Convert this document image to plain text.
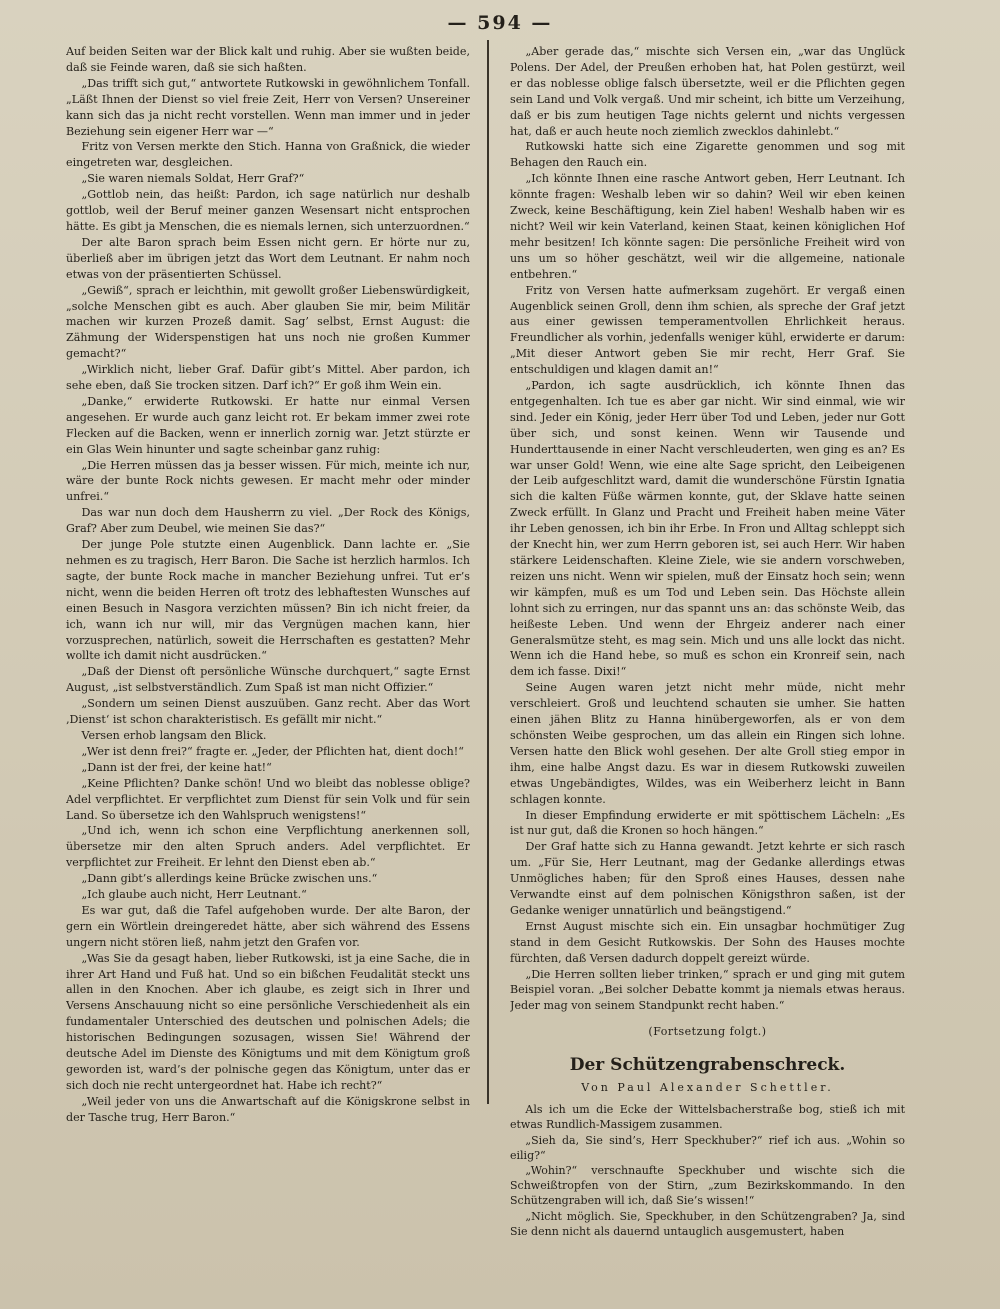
— 594 —

Auf beiden Seiten war der Blick kalt und ruhig. Aber sie wußten beide, daß sie Feinde waren, daß sie sich haßten.

„Das trifft sich gut,“ antwortete Rutkowski in gewöhnlichem Tonfall. „Läßt Ihnen der Dienst so viel freie Zeit, Herr von Versen? Unsereiner kann sich das ja nicht recht vorstellen. Wenn man immer und in jeder Beziehung sein eigener Herr war —“

Fritz von Versen merkte den Stich. Hanna von Graßnick, die wieder eingetreten war, desgleichen.

„Sie waren niemals Soldat, Herr Graf?“

„Gottlob nein, das heißt: Pardon, ich sage natürlich nur deshalb gottlob, weil der Beruf meiner ganzen Wesensart nicht entsprochen hätte. Es gibt ja Menschen, die es niemals lernen, sich unterzuordnen.“

Der alte Baron sprach beim Essen nicht gern. Er hörte nur zu, überließ aber im übrigen jetzt das Wort dem Leutnant. Er nahm noch etwas von der präsentierten Schüssel.

„Gewiß“, sprach er leichthin, mit gewollt großer Liebenswürdigkeit, „solche Menschen gibt es auch. Aber glauben Sie mir, beim Militär machen wir kurzen Prozeß damit. Sag’ selbst, Ernst August: die Zähmung der Widerspenstigen hat uns noch nie großen Kummer gemacht?“

„Wirklich nicht, lieber Graf. Dafür gibt’s Mittel. Aber pardon, ich sehe eben, daß Sie trocken sitzen. Darf ich?“ Er goß ihm Wein ein.

„Danke,“ erwiderte Rutkowski. Er hatte nur einmal Versen angesehen. Er wurde auch ganz leicht rot. Er bekam immer zwei rote Flecken auf die Backen, wenn er innerlich zornig war. Jetzt stürzte er ein Glas Wein hinunter und sagte scheinbar ganz ruhig:

„Die Herren müssen das ja besser wissen. Für mich, meinte ich nur, wäre der bunte Rock nichts gewesen. Er macht mehr oder minder unfrei.“

Das war nun doch dem Hausherrn zu viel. „Der Rock des Königs, Graf? Aber zum Deubel, wie meinen Sie das?“

Der junge Pole stutzte einen Augenblick. Dann lachte er. „Sie nehmen es zu tragisch, Herr Baron. Die Sache ist herzlich harmlos. Ich sagte, der bunte Rock mache in mancher Beziehung unfrei. Tut er’s nicht, wenn die beiden Herren oft trotz des lebhaftesten Wunsches auf einen Besuch in Nasgora verzichten müssen? Bin ich nicht freier, da ich, wann ich nur will, mir das Vergnügen machen kann, hier vorzusprechen, natürlich, soweit die Herrschaften es gestatten? Mehr wollte ich damit nicht ausdrücken.“

„Daß der Dienst oft persönliche Wünsche durchquert,“ sagte Ernst August, „ist selbstverständlich. Zum Spaß ist man nicht Offizier.“

„Sondern um seinen Dienst auszuüben. Ganz recht. Aber das Wort ‚Dienst‘ ist schon charakteristisch. Es gefällt mir nicht.“

Versen erhob langsam den Blick.

„Wer ist denn frei?“ fragte er. „Jeder, der Pflichten hat, dient doch!“

„Dann ist der frei, der keine hat!“

„Keine Pflichten? Danke schön! Und wo bleibt das noblesse oblige? Adel verpflichtet. Er verpflichtet zum Dienst für sein Volk und für sein Land. So übersetze ich den Wahlspruch wenigstens!“

„Und ich, wenn ich schon eine Verpflichtung anerkennen soll, übersetze mir den alten Spruch anders. Adel verpflichtet. Er verpflichtet zur Freiheit. Er lehnt den Dienst eben ab.“

„Dann gibt’s allerdings keine Brücke zwischen uns.“

„Ich glaube auch nicht, Herr Leutnant.“

Es war gut, daß die Tafel aufgehoben wurde. Der alte Baron, der gern ein Wörtlein dreingeredet hätte, aber sich während des Essens ungern nicht stören ließ, nahm jetzt den Grafen vor.

„Was Sie da gesagt haben, lieber Rutkowski, ist ja eine Sache, die in ihrer Art Hand und Fuß hat. Und so ein bißchen Feudalität steckt uns allen in den Knochen. Aber ich glaube, es zeigt sich in Ihrer und Versens Anschauung nicht so eine persönliche Verschiedenheit als ein fundamentaler Unterschied des deutschen und polnischen Adels; die historischen Bedingungen sozusagen, wissen Sie! Während der deutsche Adel im Dienste des Königtums und mit dem Königtum groß geworden ist, ward’s der polnische gegen das Königtum, unter das er sich doch nie recht untergeordnet hat. Habe ich recht?“

„Weil jeder von uns die Anwartschaft auf die Königskrone selbst in der Tasche trug, Herr Baron.“

„Aber gerade das,“ mischte sich Versen ein, „war das Unglück Polens. Der Adel, der Preußen erhoben hat, hat Polen gestürzt, weil er das noblesse oblige falsch übersetzte, weil er die Pflichten gegen sein Land und Volk vergaß. Und mir scheint, ich bitte um Verzeihung, daß er bis zum heutigen Tage nichts gelernt und nichts vergessen hat, daß er auch heute noch ziemlich zwecklos dahinlebt.“

Rutkowski hatte sich eine Zigarette genommen und sog mit Behagen den Rauch ein.

„Ich könnte Ihnen eine rasche Antwort geben, Herr Leutnant. Ich könnte fragen: Weshalb leben wir so dahin? Weil wir eben keinen Zweck, keine Beschäftigung, kein Ziel haben! Weshalb haben wir es nicht? Weil wir kein Vaterland, keinen Staat, keinen königlichen Hof mehr besitzen! Ich könnte sagen: Die persönliche Freiheit wird von uns um so höher geschätzt, weil wir die allgemeine, nationale entbehren.“

Fritz von Versen hatte aufmerksam zugehört. Er vergaß einen Augenblick seinen Groll, denn ihm schien, als spreche der Graf jetzt aus einer gewissen temperamentvollen Ehrlichkeit heraus. Freundlicher als vorhin, jedenfalls weniger kühl, erwiderte er darum: „Mit dieser Antwort geben Sie mir recht, Herr Graf. Sie entschuldigen und klagen damit an!“

„Pardon, ich sagte ausdrücklich, ich könnte Ihnen das entgegenhalten. Ich tue es aber gar nicht. Wir sind einmal, wie wir sind. Jeder ein König, jeder Herr über Tod und Leben, jeder nur Gott über sich, und sonst keinen. Wenn wir Tausende und Hunderttausende in einer Nacht verschleuderten, wen ging es an? Es war unser Gold! Wenn, wie eine alte Sage spricht, den Leibeigenen der Leib aufgeschlitzt ward, damit die wunderschöne Fürstin Ignatia sich die kalten Füße wärmen konnte, gut, der Sklave hatte seinen Zweck erfüllt. In Glanz und Pracht und Freiheit haben meine Väter ihr Leben genossen, ich bin ihr Erbe. In Fron und Alltag schleppt sich der Knecht hin, wer zum Herrn geboren ist, sei auch Herr. Wir haben stärkere Leidenschaften. Kleine Ziele, wie sie andern vorschweben, reizen uns nicht. Wenn wir spielen, muß der Einsatz hoch sein; wenn wir kämpfen, muß es um Tod und Leben sein. Das Höchste allein lohnt sich zu erringen, nur das spannt uns an: das schönste Weib, das heißeste Leben. Und wenn der Ehrgeiz anderer nach einer Generalsmütze steht, es mag sein. Mich und uns alle lockt das nicht. Wenn ich die Hand hebe, so muß es schon ein Kronreif sein, nach dem ich fasse. Dixi!“

Seine Augen waren jetzt nicht mehr müde, nicht mehr verschleiert. Groß und leuchtend schauten sie umher. Sie hatten einen jähen Blitz zu Hanna hinübergeworfen, als er von dem schönsten Weibe gesprochen, um das allein ein Ringen sich lohne. Versen hatte den Blick wohl gesehen. Der alte Groll stieg empor in ihm, eine halbe Angst dazu. Es war in diesem Rutkowski zuweilen etwas Ungebändigtes, Wildes, was ein Weiberherz leicht in Bann schlagen konnte.

In dieser Empfindung erwiderte er mit spöttischem Lächeln: „Es ist nur gut, daß die Kronen so hoch hängen.“

Der Graf hatte sich zu Hanna gewandt. Jetzt kehrte er sich rasch um. „Für Sie, Herr Leutnant, mag der Gedanke allerdings etwas Unmögliches haben; für den Sproß eines Hauses, dessen nahe Verwandte einst auf dem polnischen Königsthron saßen, ist der Gedanke weniger unnatürlich und beängstigend.“

Ernst August mischte sich ein. Ein unsagbar hochmütiger Zug stand in dem Gesicht Rutkowskis. Der Sohn des Hauses mochte fürchten, daß Versen dadurch doppelt gereizt würde.

„Die Herren sollten lieber trinken,“ sprach er und ging mit gutem Beispiel voran. „Bei solcher Debatte kommt ja niemals etwas heraus. Jeder mag von seinem Standpunkt recht haben.“

(Fortsetzung folgt.)
Der Schützengrabenschreck.
Von Paul Alexander Schettler.

Als ich um die Ecke der Wittelsbacherstraße bog, stieß ich mit etwas Rundlich-Massigem zusammen.

„Sieh da, Sie sind’s, Herr Speckhuber?“ rief ich aus. „Wohin so eilig?“

„Wohin?“ verschnaufte Speckhuber und wischte sich die Schweißtropfen von der Stirn, „zum Bezirkskommando. In den Schützengraben will ich, daß Sie’s wissen!“

„Nicht möglich. Sie, Speckhuber, in den Schützengraben? Ja, sind Sie denn nicht als dauernd untauglich ausgemustert, haben
